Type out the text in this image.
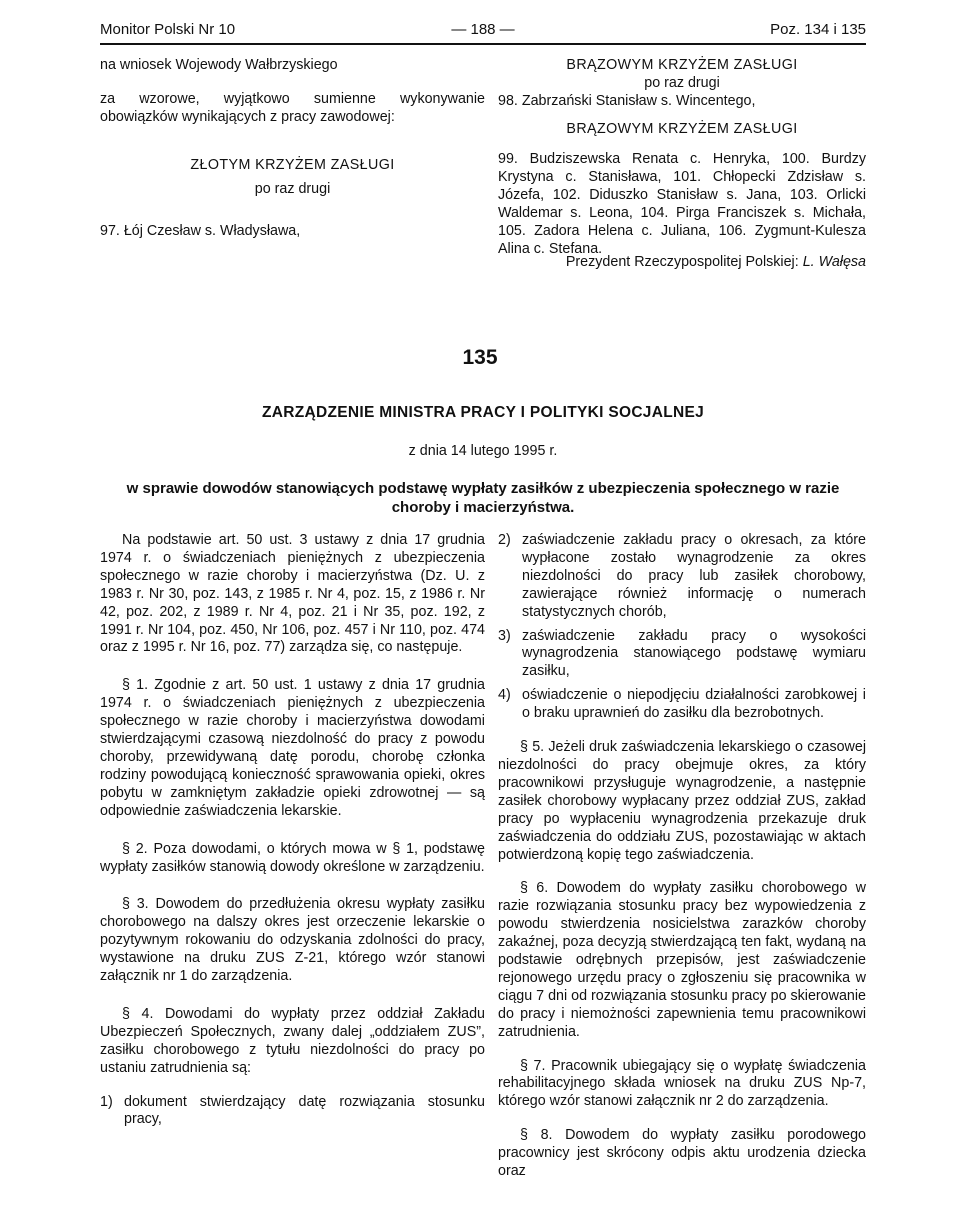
Monitor Polski Nr 10	— 188 —	Poz. 134 i 135

na wniosek Wojewody Wałbrzyskiego

za wzorowe, wyjątkowo sumienne wykonywanie obowiązków wynikających z pracy zawodowej:

ZŁOTYM KRZYŻEM ZASŁUGI

po raz drugi

97. Łój Czesław s. Władysława,

BRĄZOWYM KRZYŻEM ZASŁUGI

po raz drugi

98. Zabrzański Stanisław s. Wincentego,

BRĄZOWYM KRZYŻEM ZASŁUGI

99. Budziszewska Renata c. Henryka, 100. Burdzy Krystyna c. Stanisława, 101. Chłopecki Zdzisław s. Józefa, 102. Diduszko Stanisław s. Jana, 103. Orlicki Waldemar s. Leona, 104. Pirga Franciszek s. Michała, 105. Zadora Helena c. Juliana, 106. Zygmunt-Kulesza Alina c. Stefana.

Prezydent Rzeczypospolitej Polskiej: L. Wałęsa
135
ZARZĄDZENIE MINISTRA PRACY I POLITYKI SOCJALNEJ
z dnia 14 lutego 1995 r.
w sprawie dowodów stanowiących podstawę wypłaty zasiłków z ubezpieczenia społecznego w razie choroby i macierzyństwa.

Na podstawie art. 50 ust. 3 ustawy z dnia 17 grudnia 1974 r. o świadczeniach pieniężnych z ubezpieczenia społecznego w razie choroby i macierzyństwa (Dz. U. z 1983 r. Nr 30, poz. 143, z 1985 r. Nr 4, poz. 15, z 1986 r. Nr 42, poz. 202, z 1989 r. Nr 4, poz. 21 i Nr 35, poz. 192, z 1991 r. Nr 104, poz. 450, Nr 106, poz. 457 i Nr 110, poz. 474 oraz z 1995 r. Nr 16, poz. 77) zarządza się, co następuje.

§ 1. Zgodnie z art. 50 ust. 1 ustawy z dnia 17 grudnia 1974 r. o świadczeniach pieniężnych z ubezpieczenia społecznego w razie choroby i macierzyństwa dowodami stwierdzającymi czasową niezdolność do pracy z powodu choroby, przewidywaną datę porodu, chorobę członka rodziny powodującą konieczność sprawowania opieki, okres pobytu w zamkniętym zakładzie opieki zdrowotnej — są odpowiednie zaświadczenia lekarskie.

§ 2. Poza dowodami, o których mowa w § 1, podstawę wypłaty zasiłków stanowią dowody określone w zarządzeniu.

§ 3. Dowodem do przedłużenia okresu wypłaty zasiłku chorobowego na dalszy okres jest orzeczenie lekarskie o pozytywnym rokowaniu do odzyskania zdolności do pracy, wystawione na druku ZUS Z-21, którego wzór stanowi załącznik nr 1 do zarządzenia.

§ 4. Dowodami do wypłaty przez oddział Zakładu Ubezpieczeń Społecznych, zwany dalej „oddziałem ZUS”, zasiłku chorobowego z tytułu niezdolności do pracy po ustaniu zatrudnienia są:

1) dokument stwierdzający datę rozwiązania stosunku pracy,
2) zaświadczenie zakładu pracy o okresach, za które wypłacone zostało wynagrodzenie za okres niezdolności do pracy lub zasiłek chorobowy, zawierające również informację o numerach statystycznych chorób,
3) zaświadczenie zakładu pracy o wysokości wynagrodzenia stanowiącego podstawę wymiaru zasiłku,
4) oświadczenie o niepodjęciu działalności zarobkowej i o braku uprawnień do zasiłku dla bezrobotnych.

§ 5. Jeżeli druk zaświadczenia lekarskiego o czasowej niezdolności do pracy obejmuje okres, za który pracownikowi przysługuje wynagrodzenie, a następnie zasiłek chorobowy wypłacany przez oddział ZUS, zakład pracy po wypłaceniu wynagrodzenia przekazuje druk zaświadczenia do oddziału ZUS, pozostawiając w aktach potwierdzoną kopię tego zaświadczenia.

§ 6. Dowodem do wypłaty zasiłku chorobowego w razie rozwiązania stosunku pracy bez wypowiedzenia z powodu stwierdzenia nosicielstwa zarazków choroby zakaźnej, poza decyzją stwierdzającą ten fakt, wydaną na podstawie odrębnych przepisów, jest zaświadczenie rejonowego urzędu pracy o zgłoszeniu się pracownika w ciągu 7 dni od rozwiązania stosunku pracy po skierowanie do pracy i niemożności zapewnienia temu pracownikowi zatrudnienia.

§ 7. Pracownik ubiegający się o wypłatę świadczenia rehabilitacyjnego składa wniosek na druku ZUS Np-7, którego wzór stanowi załącznik nr 2 do zarządzenia.

§ 8. Dowodem do wypłaty zasiłku porodowego pracownicy jest skrócony odpis aktu urodzenia dziecka oraz
